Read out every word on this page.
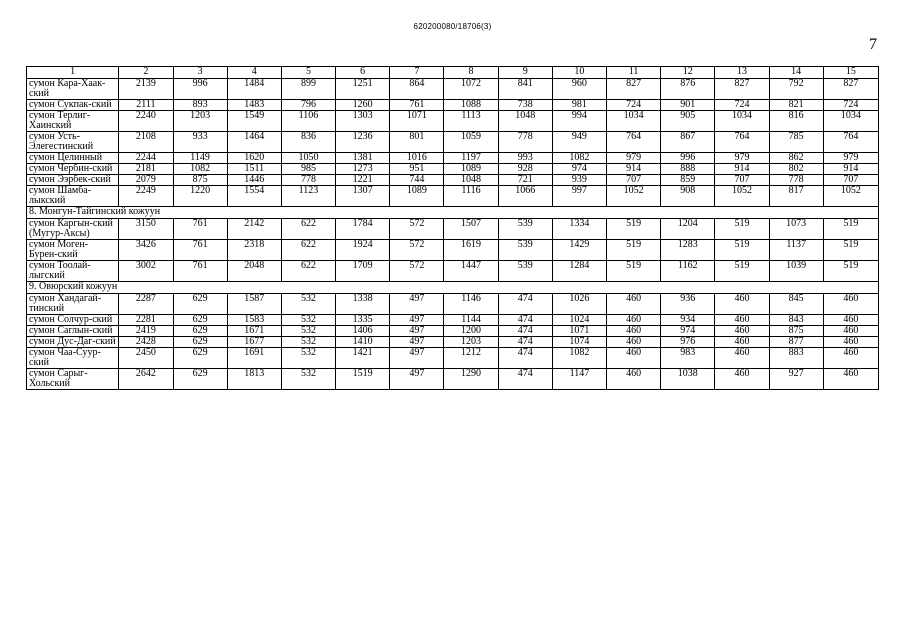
620200080/18706(3)
7
1	2	3	4	5	6	7	8	9	10	11	12	13	14	15
сумон Кара-Хаак-ский	2139	996	1484	899	1251	864	1072	841	960	827	876	827	792	827
сумон Сукпак-ский	2111	893	1483	796	1260	761	1088	738	981	724	901	724	821	724
сумон Терлиг-Хаинский	2240	1203	1549	1106	1303	1071	1113	1048	994	1034	905	1034	816	1034
сумон Усть-Элегестинский	2108	933	1464	836	1236	801	1059	778	949	764	867	764	785	764
сумон Целинный	2244	1149	1620	1050	1381	1016	1197	993	1082	979	996	979	862	979
сумон Чербин-ский	2181	1082	1511	985	1273	951	1089	928	974	914	888	914	802	914
сумон Ээрбек-ский	2079	875	1446	778	1221	744	1048	721	939	707	859	707	778	707
сумон Шамба-лыкский	2249	1220	1554	1123	1307	1089	1116	1066	997	1052	908	1052	817	1052
8. Монгун-Тайгинский кожуун														
сумон Каргын-ский (Мугур-Аксы)	3150	761	2142	622	1784	572	1507	539	1334	519	1204	519	1073	519
сумон Моген-Бурен-ский	3426	761	2318	622	1924	572	1619	539	1429	519	1283	519	1137	519
сумон Тоолай-лыгский	3002	761	2048	622	1709	572	1447	539	1284	519	1162	519	1039	519
9. Овюрский кожуун														
сумон Хандагай-тинский	2287	629	1587	532	1338	497	1146	474	1026	460	936	460	845	460
сумон Солчур-ский	2281	629	1583	532	1335	497	1144	474	1024	460	934	460	843	460
сумон Саглын-ский	2419	629	1671	532	1406	497	1200	474	1071	460	974	460	875	460
сумон Дус-Даг-ский	2428	629	1677	532	1410	497	1203	474	1074	460	976	460	877	460
сумон Чаа-Суур-ский	2450	629	1691	532	1421	497	1212	474	1082	460	983	460	883	460
сумон Сарыг-Хольский	2642	629	1813	532	1519	497	1290	474	1147	460	1038	460	927	460
